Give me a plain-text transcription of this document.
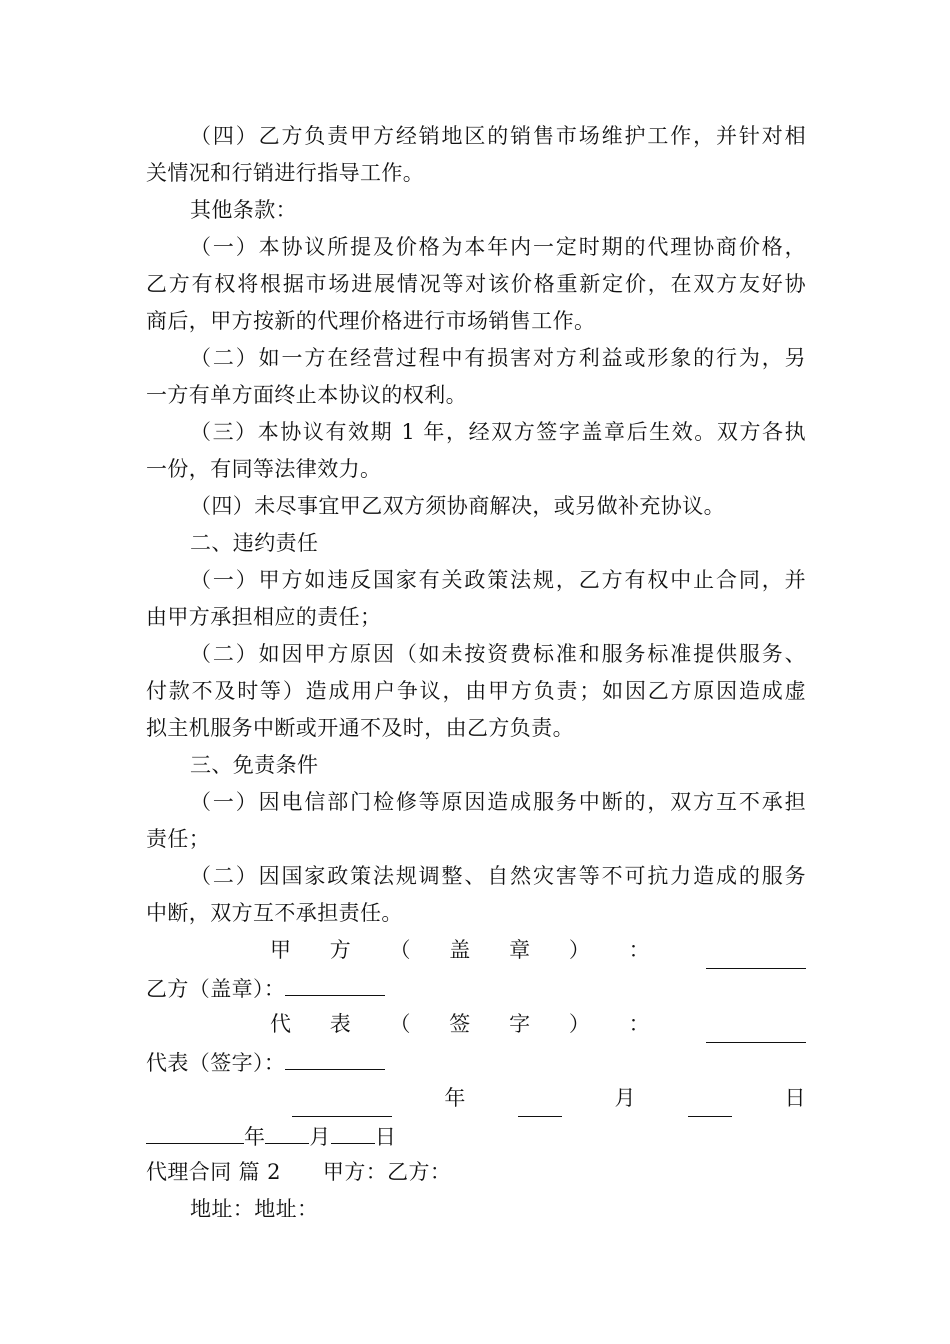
（四）乙方负责甲方经销地区的销售市场维护工作，并针对相
关情况和行销进行指导工作。
其他条款：
（一）本协议所提及价格为本年内一定时期的代理协商价格，
乙方有权将根据市场进展情况等对该价格重新定价，在双方友好协
商后，甲方按新的代理价格进行市场销售工作。
（二）如一方在经营过程中有损害对方利益或形象的行为，另
一方有单方面终止本协议的权利。
（三）本协议有效期 1 年，经双方签字盖章后生效。双方各执
一份，有同等法律效力。
（四）未尽事宜甲乙双方须协商解决，或另做补充协议。
二、违约责任
（一）甲方如违反国家有关政策法规，乙方有权中止合同，并
由甲方承担相应的责任；
（二）如因甲方原因（如未按资费标准和服务标准提供服务、
付款不及时等）造成用户争议，由甲方负责；如因乙方原因造成虚
拟主机服务中断或开通不及时，由乙方负责。
三、免责条件
（一）因电信部门检修等原因造成服务中断的，双方互不承担
责任；
（二）因国家政策法规调整、自然灾害等不可抗力造成的服务
中断，双方互不承担责任。
甲 方 （ 盖 章 ） ：
乙方（盖章）：
代 表 （ 签 字 ） ：
代表（签字）：
年	月	日
年 月 日
代理合同 篇 2 甲方：乙方：
地址：地址：
